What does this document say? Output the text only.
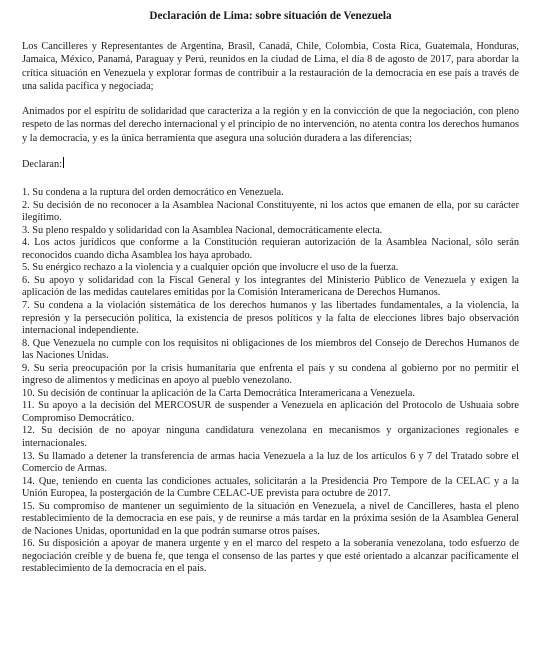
Declaración de Lima: sobre situación de Venezuela

Los Cancilleres y Representantes de Argentina, Brasil, Canadá, Chile, Colombia, Costa Rica, Guatemala, Honduras, Jamaica, México, Panamá, Paraguay y Perú, reunidos en la ciudad de Lima, el día 8 de agosto de 2017, para abordar la crítica situación en Venezuela y explorar formas de contribuir a la restauración de la democracia en ese país a través de una salida pacífica y negociada;

Animados por el espíritu de solidaridad que caracteriza a la región y en la convicción de que la negociación, con pleno respeto de las normas del derecho internacional y el principio de no intervención, no atenta contra los derechos humanos y la democracia, y es la única herramienta que asegura una solución duradera a las diferencias;

Declaran:
1. Su condena a la ruptura del orden democrático en Venezuela.
2. Su decisión de no reconocer a la Asamblea Nacional Constituyente, ni los actos que emanen de ella, por su carácter ilegítimo.
3. Su pleno respaldo y solidaridad con la Asamblea Nacional, democráticamente electa.
4. Los actos jurídicos que conforme a la Constitución requieran autorización de la Asamblea Nacional, sólo serán reconocidos cuando dicha Asamblea los haya aprobado.
5. Su enérgico rechazo a la violencia y a cualquier opción que involucre el uso de la fuerza.
6. Su apoyo y solidaridad con la Fiscal General y los integrantes del Ministerio Público de Venezuela y exigen la aplicación de las medidas cautelares emitidas por la Comisión Interamericana de Derechos Humanos.
7. Su condena a la violación sistemática de los derechos humanos y las libertades fundamentales, a la violencia, la represión y la persecución política, la existencia de presos políticos y la falta de elecciones libres bajo observación internacional independiente.
8. Que Venezuela no cumple con los requisitos ni obligaciones de los miembros del Consejo de Derechos Humanos de las Naciones Unidas.
9. Su seria preocupación por la crisis humanitaria que enfrenta el país y su condena al gobierno por no permitir el ingreso de alimentos y medicinas en apoyo al pueblo venezolano.
10. Su decisión de continuar la aplicación de la Carta Democrática Interamericana a Venezuela.
11. Su apoyo a la decisión del MERCOSUR de suspender a Venezuela en aplicación del Protocolo de Ushuaia sobre Compromiso Democrático.
12. Su decisión de no apoyar ninguna candidatura venezolana en mecanismos y organizaciones regionales e internacionales.
13. Su llamado a detener la transferencia de armas hacia Venezuela a la luz de los artículos 6 y 7 del Tratado sobre el Comercio de Armas.
14. Que, teniendo en cuenta las condiciones actuales, solicitarán a la Presidencia Pro Tempore de la CELAC y a la Unión Europea, la postergación de la Cumbre CELAC-UE prevista para octubre de 2017.
15. Su compromiso de mantener un seguimiento de la situación en Venezuela, a nivel de Cancilleres, hasta el pleno restablecimiento de la democracia en ese país, y de reunirse a más tardar en la próxima sesión de la Asamblea General de Naciones Unidas, oportunidad en la que podrán sumarse otros países.
16. Su disposición a apoyar de manera urgente y en el marco del respeto a la soberanía venezolana, todo esfuerzo de negociación creíble y de buena fe, que tenga el consenso de las partes y que esté orientado a alcanzar pacíficamente el restablecimiento de la democracia en el país.
